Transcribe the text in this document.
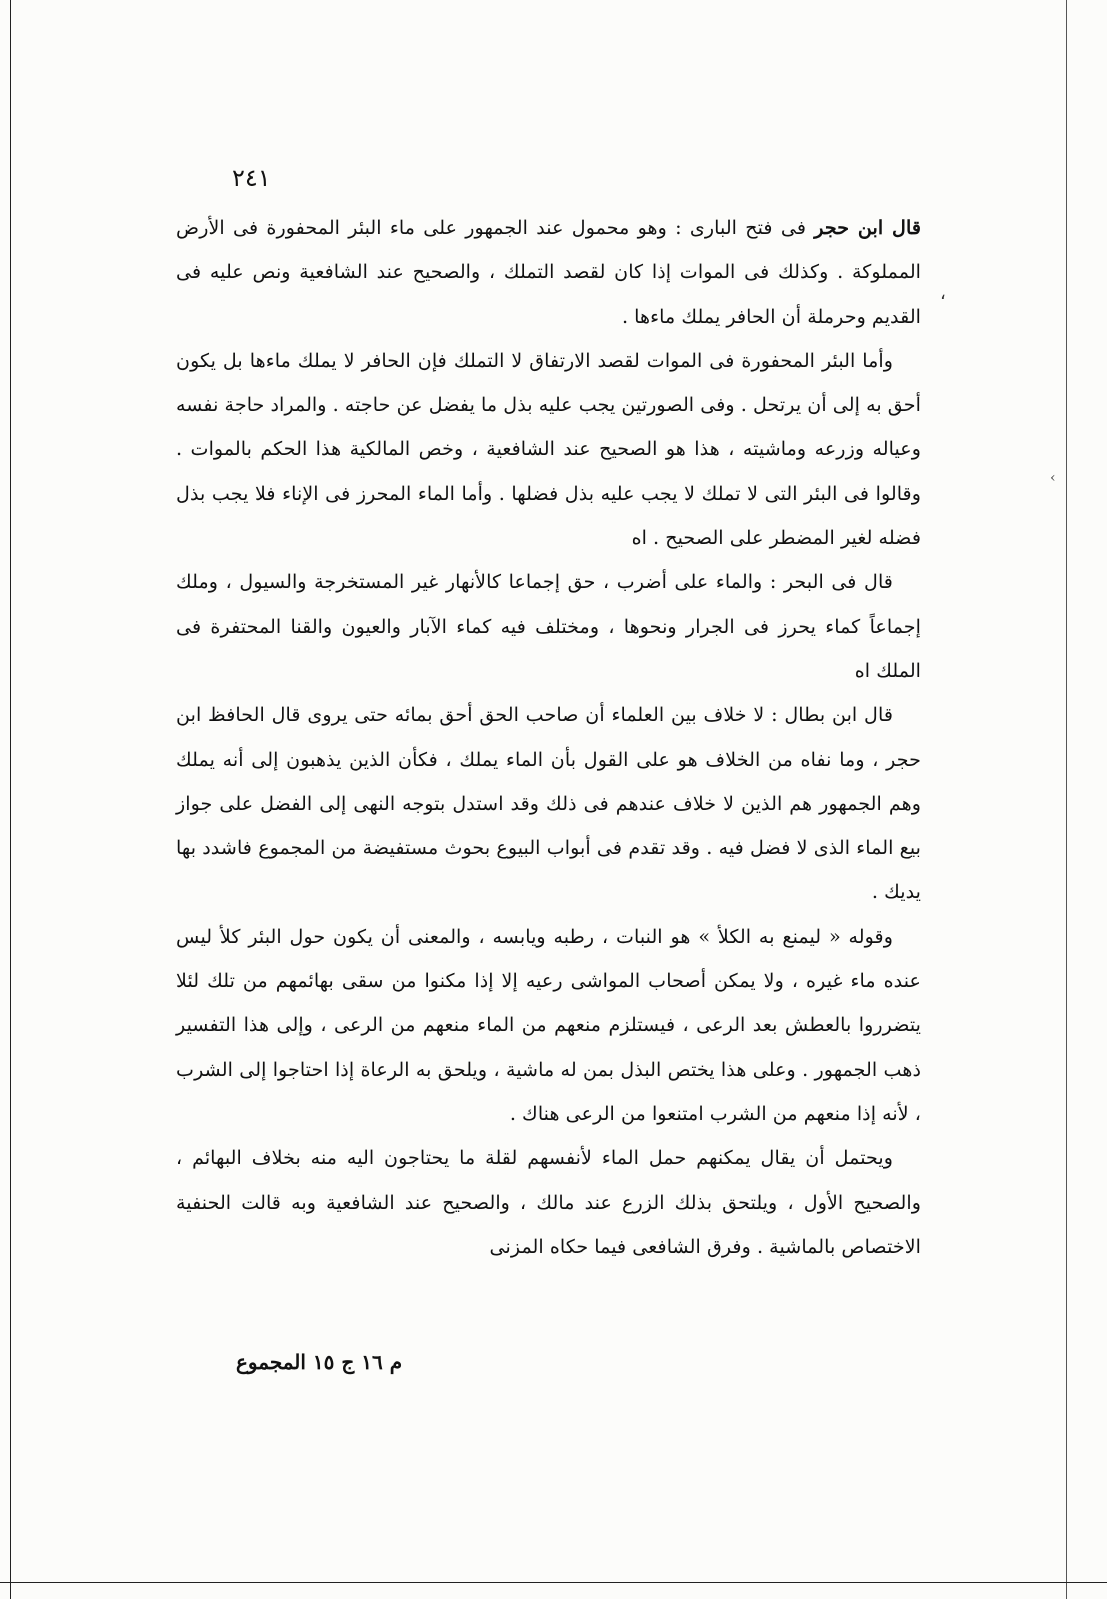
٢٤١
،
‹

قال ابن حجر فى فتح البارى : وهو محمول عند الجمهور على ماء البئر المحفورة فى الأرض المملوكة . وكذلك فى الموات إذا كان لقصد التملك ، والصحيح عند الشافعية ونص عليه فى القديم وحرملة أن الحافر يملك ماءها .

وأما البئر المحفورة فى الموات لقصد الارتفاق لا التملك فإن الحافر لا يملك ماءها بل يكون أحق به إلى أن يرتحل . وفى الصورتين يجب عليه بذل ما يفضل عن حاجته . والمراد حاجة نفسه وعياله وزرعه وماشيته ، هذا هو الصحيح عند الشافعية ، وخص المالكية هذا الحكم بالموات . وقالوا فى البئر التى لا تملك لا يجب عليه بذل فضلها . وأما الماء المحرز فى الإناء فلا يجب بذل فضله لغير المضطر على الصحيح . اه

قال فى البحر : والماء على أضرب ، حق إجماعا كالأنهار غير المستخرجة والسيول ، وملك إجماعاً كماء يحرز فى الجرار ونحوها ، ومختلف فيه كماء الآبار والعيون والقنا المحتفرة فى الملك اه

قال ابن بطال : لا خلاف بين العلماء أن صاحب الحق أحق بمائه حتى يروى قال الحافظ ابن حجر ، وما نفاه من الخلاف هو على القول بأن الماء يملك ، فكأن الذين يذهبون إلى أنه يملك وهم الجمهور هم الذين لا خلاف عندهم فى ذلك وقد استدل بتوجه النهى إلى الفضل على جواز بيع الماء الذى لا فضل فيه . وقد تقدم فى أبواب البيوع بحوث مستفيضة من المجموع فاشدد بها يديك .

وقوله « ليمنع به الكلأ » هو النبات ، رطبه ويابسه ، والمعنى أن يكون حول البئر كلأ ليس عنده ماء غيره ، ولا يمكن أصحاب المواشى رعيه إلا إذا مكنوا من سقى بهائمهم من تلك لئلا يتضرروا بالعطش بعد الرعى ، فيستلزم منعهم من الماء منعهم من الرعى ، وإلى هذا التفسير ذهب الجمهور . وعلى هذا يختص البذل بمن له ماشية ، ويلحق به الرعاة إذا احتاجوا إلى الشرب ، لأنه إذا منعهم من الشرب امتنعوا من الرعى هناك .

ويحتمل أن يقال يمكنهم حمل الماء لأنفسهم لقلة ما يحتاجون اليه منه بخلاف البهائم ، والصحيح الأول ، ويلتحق بذلك الزرع عند مالك ، والصحيح عند الشافعية وبه قالت الحنفية الاختصاص بالماشية . وفرق الشافعى فيما حكاه المزنى

م ١٦ ج ١٥ المجموع
